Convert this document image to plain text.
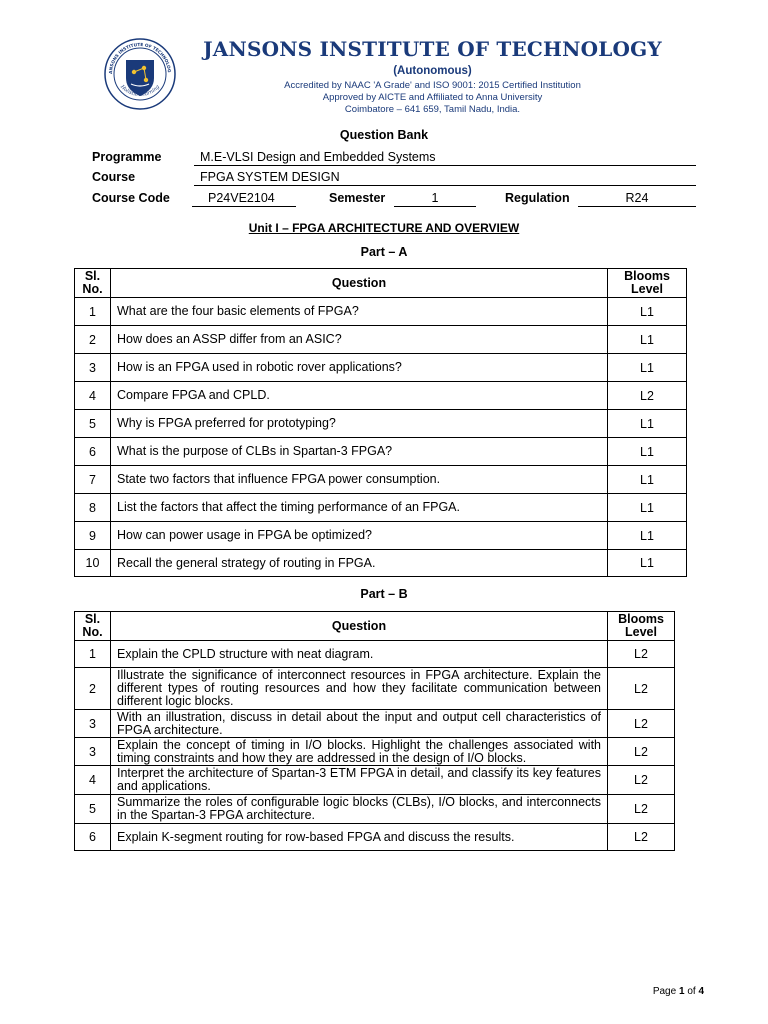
ANSONS INSTITUTE OF TECHNOLOG
Holistic Learning
JANSONS INSTITUTE OF TECHNOLOGY
(Autonomous)
Accredited by NAAC 'A Grade' and ISO 9001: 2015 Certified Institution
Approved by AICTE and Affiliated to Anna University
Coimbatore – 641 659, Tamil Nadu, India.
Question Bank
Programme	M.E-VLSI Design and Embedded Systems
Course	FPGA SYSTEM DESIGN
Course Code	P24VE2104	Semester	1	Regulation	R24
Unit I – FPGA ARCHITECTURE AND OVERVIEW
Part – A
Sl.
No.	Question	Blooms
Level
1	What are the four basic elements of FPGA?	L1
2	How does an ASSP differ from an ASIC?	L1
3	How is an FPGA used in robotic rover applications?	L1
4	Compare FPGA and CPLD.	L2
5	Why is FPGA preferred for prototyping?	L1
6	What is the purpose of CLBs in Spartan-3 FPGA?	L1
7	State two factors that influence FPGA power consumption.	L1
8	List the factors that affect the timing performance of an FPGA.	L1
9	How can power usage in FPGA be optimized?	L1
10	Recall the general strategy of routing in FPGA.	L1
Part – B
Sl.
No.	Question	Blooms
Level
1	Explain the CPLD structure with neat diagram.	L2
2	Illustrate the significance of interconnect resources in FPGA architecture. Explain the different types of routing resources and how they facilitate communication between different logic blocks.	L2
3	With an illustration, discuss in detail about the input and output cell characteristics of FPGA architecture.	L2
3	Explain the concept of timing in I/O blocks. Highlight the challenges associated with timing constraints and how they are addressed in the design of I/O blocks.	L2
4	Interpret the architecture of Spartan-3 ETM FPGA in detail, and classify its key features and applications.	L2
5	Summarize the roles of configurable logic blocks (CLBs), I/O blocks, and interconnects in the Spartan-3 FPGA architecture.	L2
6	Explain K-segment routing for row-based FPGA and discuss the results.	L2
Page 1 of 4
